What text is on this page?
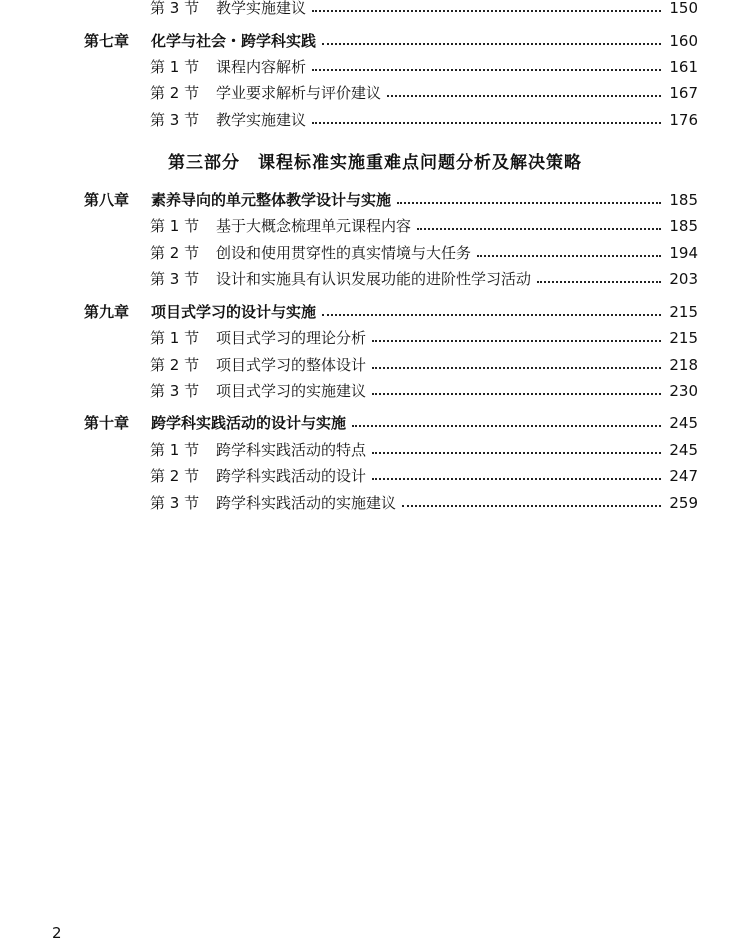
第 3 节	教学实施建议	150
第七章	化学与社会・跨学科实践	160
第 1 节	课程内容解析	161
第 2 节	学业要求解析与评价建议	167
第 3 节	教学实施建议	176
第三部分　课程标准实施重难点问题分析及解决策略
第八章	素养导向的单元整体教学设计与实施	185
第 1 节	基于大概念梳理单元课程内容	185
第 2 节	创设和使用贯穿性的真实情境与大任务	194
第 3 节	设计和实施具有认识发展功能的进阶性学习活动	203
第九章	项目式学习的设计与实施	215
第 1 节	项目式学习的理论分析	215
第 2 节	项目式学习的整体设计	218
第 3 节	项目式学习的实施建议	230
第十章	跨学科实践活动的设计与实施	245
第 1 节	跨学科实践活动的特点	245
第 2 节	跨学科实践活动的设计	247
第 3 节	跨学科实践活动的实施建议	259
2
